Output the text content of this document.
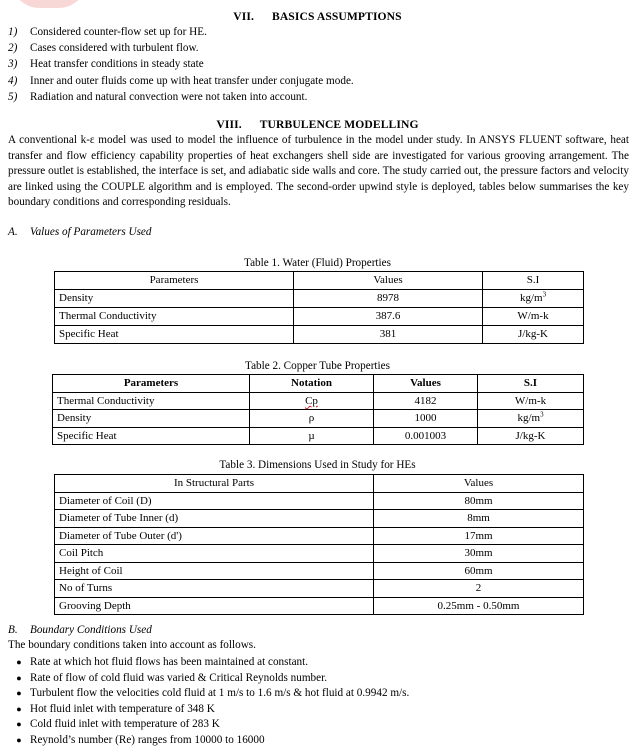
VII. BASICS ASSUMPTIONS
1) Considered counter-flow set up for HE.
2) Cases considered with turbulent flow.
3) Heat transfer conditions in steady state
4) Inner and outer fluids come up with heat transfer under conjugate mode.
5) Radiation and natural convection were not taken into account.
VIII. TURBULENCE MODELLING

A conventional k-ε model was used to model the influence of turbulence in the model under study. In ANSYS FLUENT software, heat transfer and flow efficiency capability properties of heat exchangers shell side are investigated for various grooving arrangement. The pressure outlet is established, the interface is set, and adiabatic side walls and core. The study carried out, the pressure factors and velocity are linked using the COUPLE algorithm and is employed. The second-order upwind style is deployed, tables below summarises the key boundary conditions and corresponding residuals.

A. Values of Parameters Used
Table 1. Water (Fluid) Properties
Parameters	Values	S.I
Density	8978	$kg/m^3$
Thermal Conductivity	387.6	W/m-k
Specific Heat	381	J/kg-K
Table 2. Copper Tube Properties
Parameters	Notation	Values	S.I
Thermal Conductivity	Cp	4182	W/m-k
Density	ρ	1000	$kg/m^3$
Specific Heat	µ	0.001003	J/kg-K
Table 3. Dimensions Used in Study for HEs
In Structural Parts	Values
Diameter of Coil (D)	80mm
Diameter of Tube Inner (d)	8mm
Diameter of Tube Outer (d')	17mm
Coil Pitch	30mm
Height of Coil	60mm
No of Turns	2
Grooving Depth	0.25mm - 0.50mm
B. Boundary Conditions Used
The boundary conditions taken into account as follows.
● Rate at which hot fluid flows has been maintained at constant.
● Rate of flow of cold fluid was varied & Critical Reynolds number.
● Turbulent flow the velocities cold fluid at 1 m/s to 1.6 m/s & hot fluid at 0.9942 m/s.
● Hot fluid inlet with temperature of 348 K
● Cold fluid inlet with temperature of 283 K
● Reynold’s number (Re) ranges from 10000 to 16000
